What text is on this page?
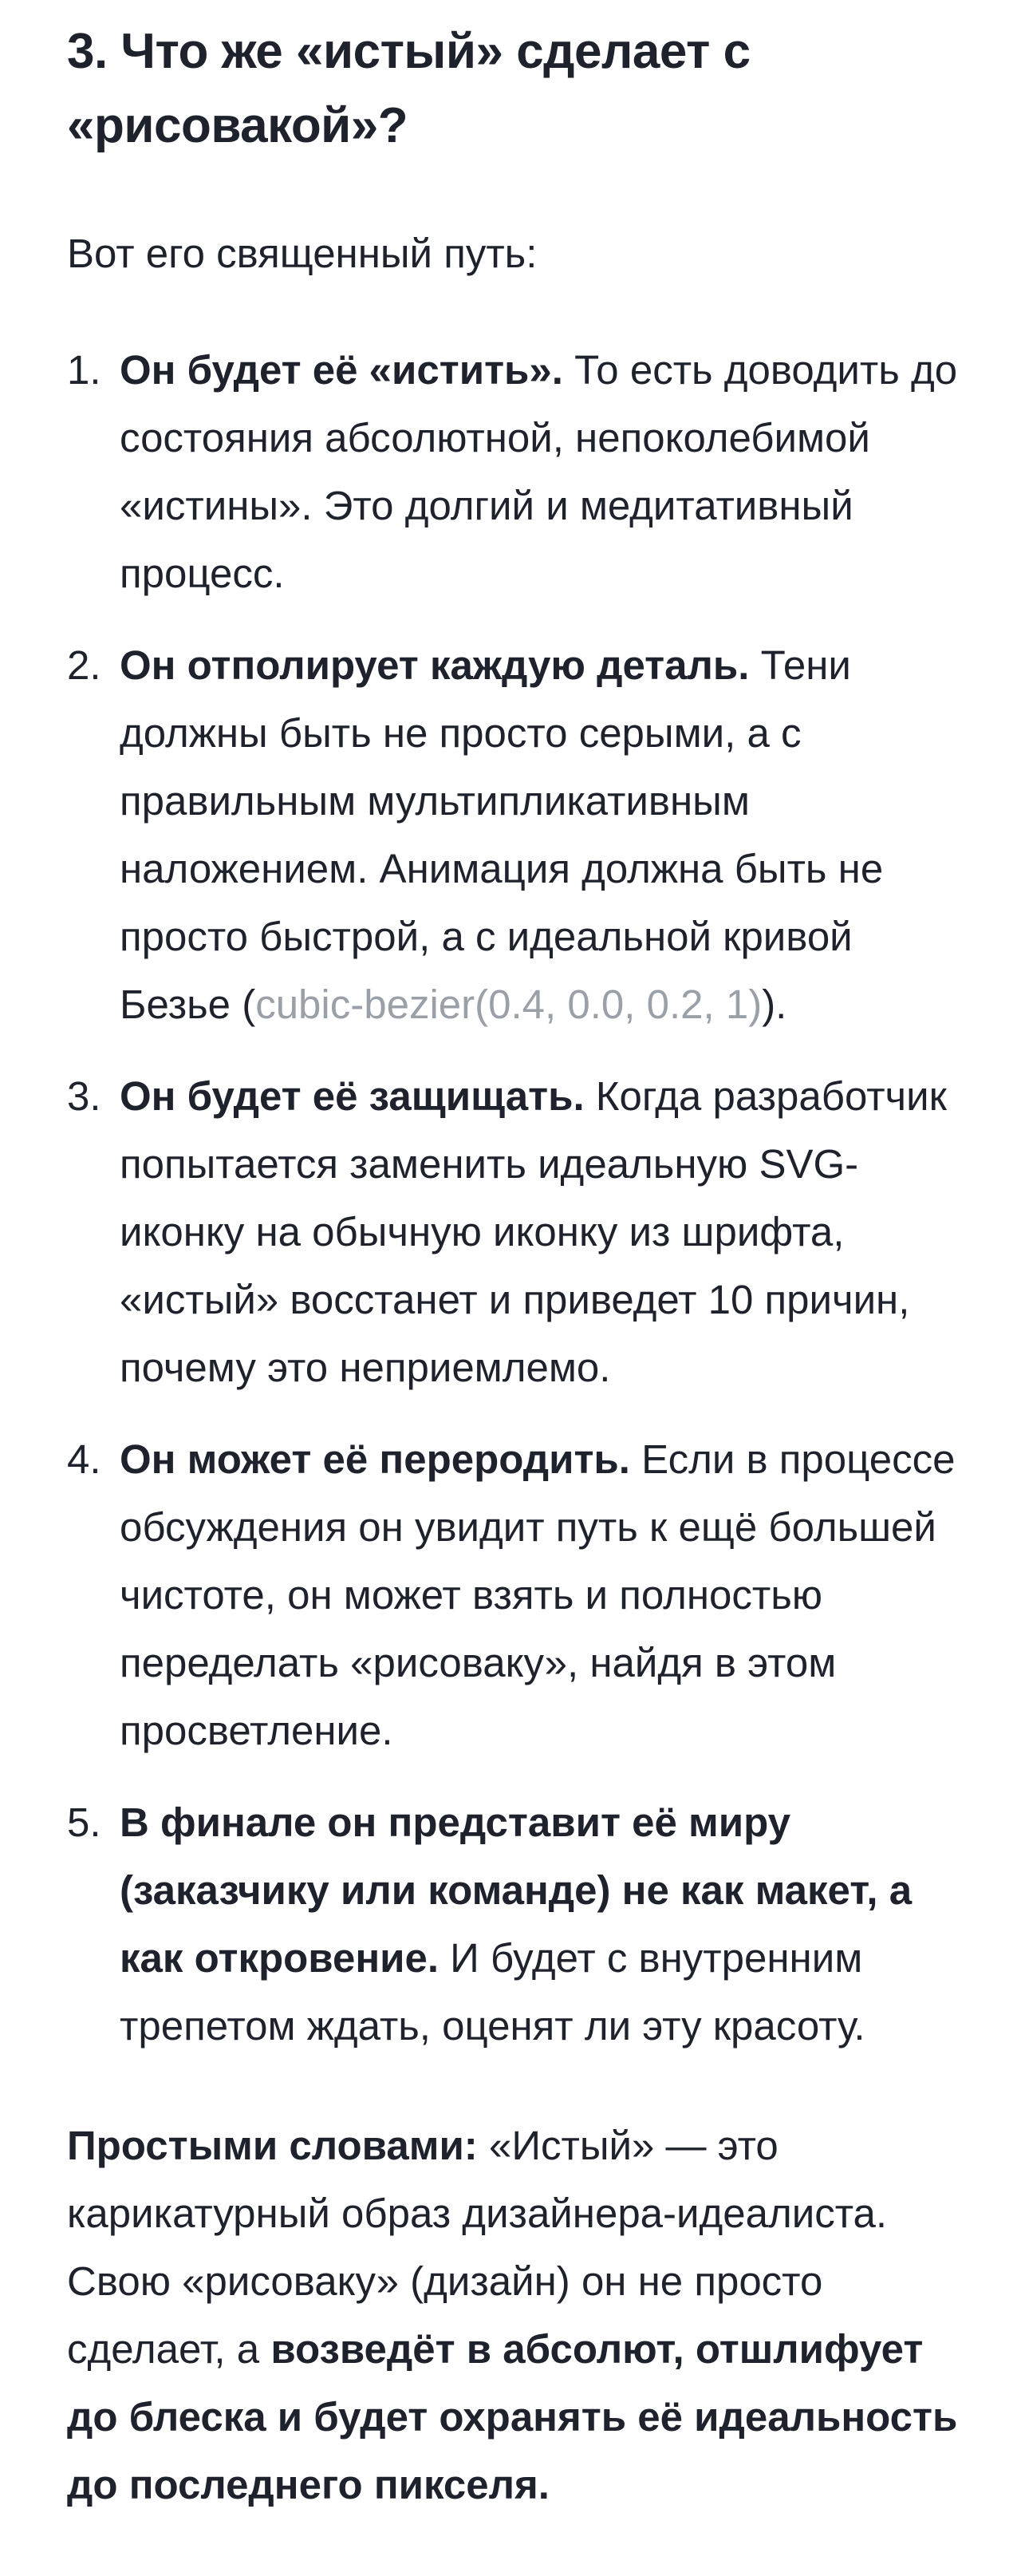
3. Что же «истый» сделает с «рисовакой»?

Вот его священный путь:

1. Он будет её «истить». То есть доводить до состояния абсолютной, непоколебимой «истины». Это долгий и медитативный процесс.
2. Он отполирует каждую деталь. Тени должны быть не просто серыми, а с правильным мультипликативным наложением. Анимация должна быть не просто быстрой, а с идеальной кривой Безье (cubic-bezier(0.4, 0.0, 0.2, 1)).
3. Он будет её защищать. Когда разработчик попытается заменить идеальную SVG-иконку на обычную иконку из шрифта, «истый» восстанет и приведет 10 причин, почему это неприемлемо.
4. Он может её переродить. Если в процессе обсуждения он увидит путь к ещё большей чистоте, он может взять и полностью переделать «рисоваку», найдя в этом просветление.
5. В финале он представит её миру (заказчику или команде) не как макет, а как откровение. И будет с внутренним трепетом ждать, оценят ли эту красоту.

Простыми словами: «Истый» — это карикатурный образ дизайнера-идеалиста. Свою «рисоваку» (дизайн) он не просто сделает, а возведёт в абсолют, отшлифует до блеска и будет охранять её идеальность до последнего пикселя.
